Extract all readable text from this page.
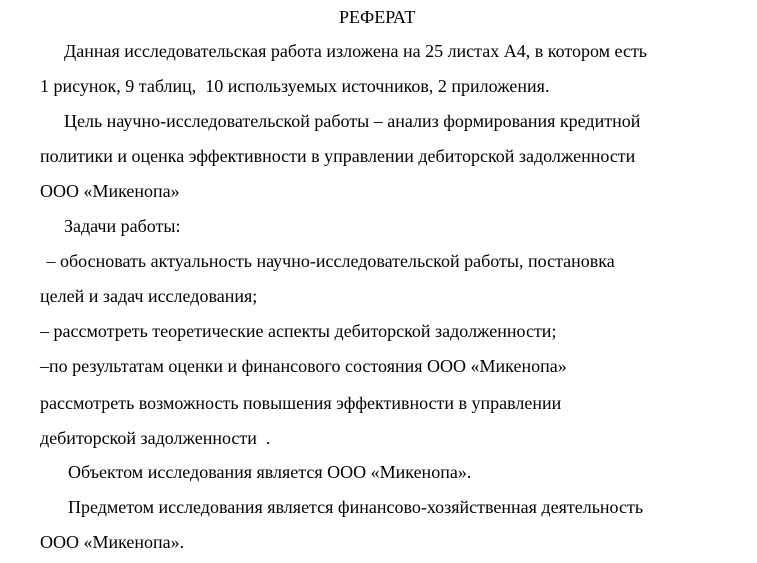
РЕФЕРАТ
Данная исследовательская работа изложена на 25 листах А4, в котором есть
1 рисунок, 9 таблиц,  10 используемых источников, 2 приложения.
Цель научно-исследовательской работы – анализ формирования кредитной
политики и оценка эффективности в управлении дебиторской задолженности
ООО «Микенопа»
Задачи работы:
– обосновать актуальность научно-исследовательской работы, постановка
целей и задач исследования;
– рассмотреть теоретические аспекты дебиторской задолженности;
–по результатам оценки и финансового состояния ООО «Микенопа»
рассмотреть возможность повышения эффективности в управлении
дебиторской задолженности  .
Объектом исследования является ООО «Микенопа».
Предметом исследования является финансово-хозяйственная деятельность
ООО «Микенопа».
